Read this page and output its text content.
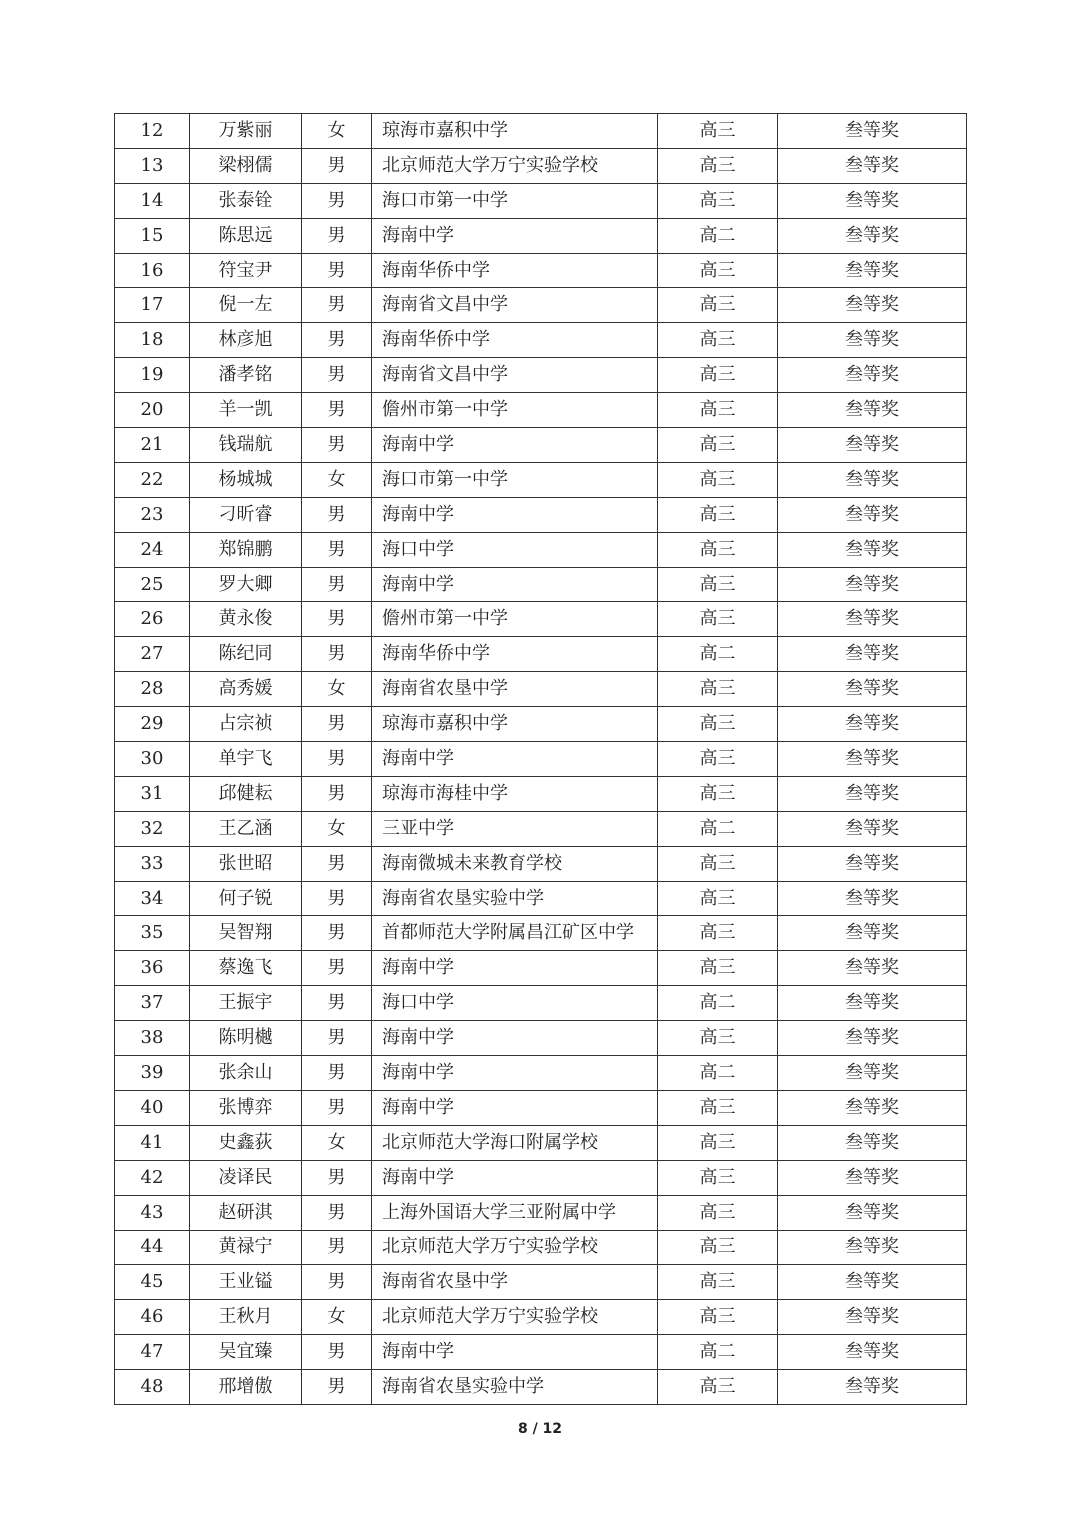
12	万紫丽	女	琼海市嘉积中学	高三	叁等奖
13	梁栩儒	男	北京师范大学万宁实验学校	高三	叁等奖
14	张泰铨	男	海口市第一中学	高三	叁等奖
15	陈思远	男	海南中学	高二	叁等奖
16	符宝尹	男	海南华侨中学	高三	叁等奖
17	倪一左	男	海南省文昌中学	高三	叁等奖
18	林彦旭	男	海南华侨中学	高三	叁等奖
19	潘孝铭	男	海南省文昌中学	高三	叁等奖
20	羊一凯	男	儋州市第一中学	高三	叁等奖
21	钱瑞航	男	海南中学	高三	叁等奖
22	杨城城	女	海口市第一中学	高三	叁等奖
23	刁昕睿	男	海南中学	高三	叁等奖
24	郑锦鹏	男	海口中学	高三	叁等奖
25	罗大卿	男	海南中学	高三	叁等奖
26	黄永俊	男	儋州市第一中学	高三	叁等奖
27	陈纪同	男	海南华侨中学	高二	叁等奖
28	高秀媛	女	海南省农垦中学	高三	叁等奖
29	占宗祯	男	琼海市嘉积中学	高三	叁等奖
30	单宇飞	男	海南中学	高三	叁等奖
31	邱健耘	男	琼海市海桂中学	高三	叁等奖
32	王乙涵	女	三亚中学	高二	叁等奖
33	张世昭	男	海南微城未来教育学校	高三	叁等奖
34	何子锐	男	海南省农垦实验中学	高三	叁等奖
35	吴智翔	男	首都师范大学附属昌江矿区中学	高三	叁等奖
36	蔡逸飞	男	海南中学	高三	叁等奖
37	王振宇	男	海口中学	高二	叁等奖
38	陈明樾	男	海南中学	高三	叁等奖
39	张余山	男	海南中学	高二	叁等奖
40	张博弈	男	海南中学	高三	叁等奖
41	史鑫荻	女	北京师范大学海口附属学校	高三	叁等奖
42	凌译民	男	海南中学	高三	叁等奖
43	赵研淇	男	上海外国语大学三亚附属中学	高三	叁等奖
44	黄禄宁	男	北京师范大学万宁实验学校	高三	叁等奖
45	王业镒	男	海南省农垦中学	高三	叁等奖
46	王秋月	女	北京师范大学万宁实验学校	高三	叁等奖
47	吴宜臻	男	海南中学	高二	叁等奖
48	邢增傲	男	海南省农垦实验中学	高三	叁等奖
8 / 12
